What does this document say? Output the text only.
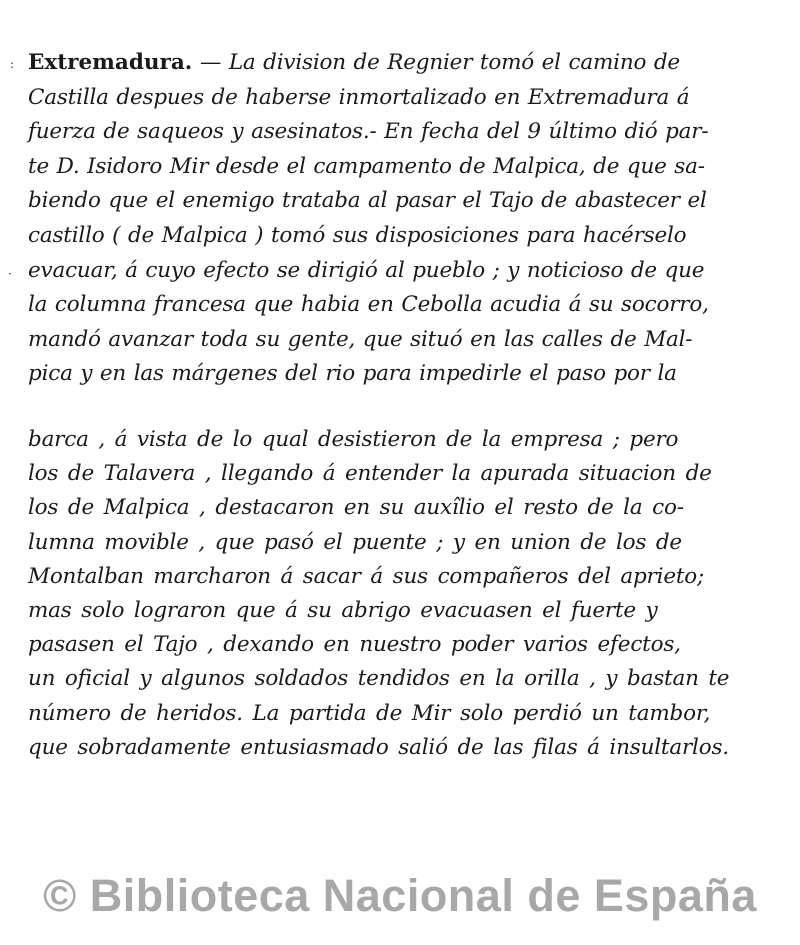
:
·
Extremadura. — La division de Regnier tomó el camino de
Castilla despues de haberse inmortalizado en Extremadura á
fuerza de saqueos y asesinatos.- En fecha del 9 último dió par-
te D. Isidoro Mir desde el campamento de Malpica, de que sa-
biendo que el enemigo trataba al pasar el Tajo de abastecer el
castillo ( de Malpica ) tomó sus disposiciones para hacérselo
evacuar, á cuyo efecto se dirigió al pueblo ; y noticioso de que
la columna francesa que habia en Cebolla acudia á su socorro,
mandó avanzar toda su gente, que situó en las calles de Mal-
pica y en las márgenes del rio para impedirle el paso por la
barca , á vista de lo qual desistieron de la empresa ; pero
los de Talavera , llegando á entender la apurada situacion de
los de Malpica , destacaron en su auxîlio el resto de la co-
lumna movible , que pasó el puente ; y en union de los de
Montalban marcharon á sacar á sus compañeros del aprieto;
mas solo lograron que á su abrigo evacuasen el fuerte y
pasasen el Tajo , dexando en nuestro poder varios efectos,
un oficial y algunos soldados tendidos en la orilla , y bastan te
número de heridos. La partida de Mir solo perdió un tambor,
que sobradamente entusiasmado salió de las filas á insultarlos.
© Biblioteca Nacional de España
